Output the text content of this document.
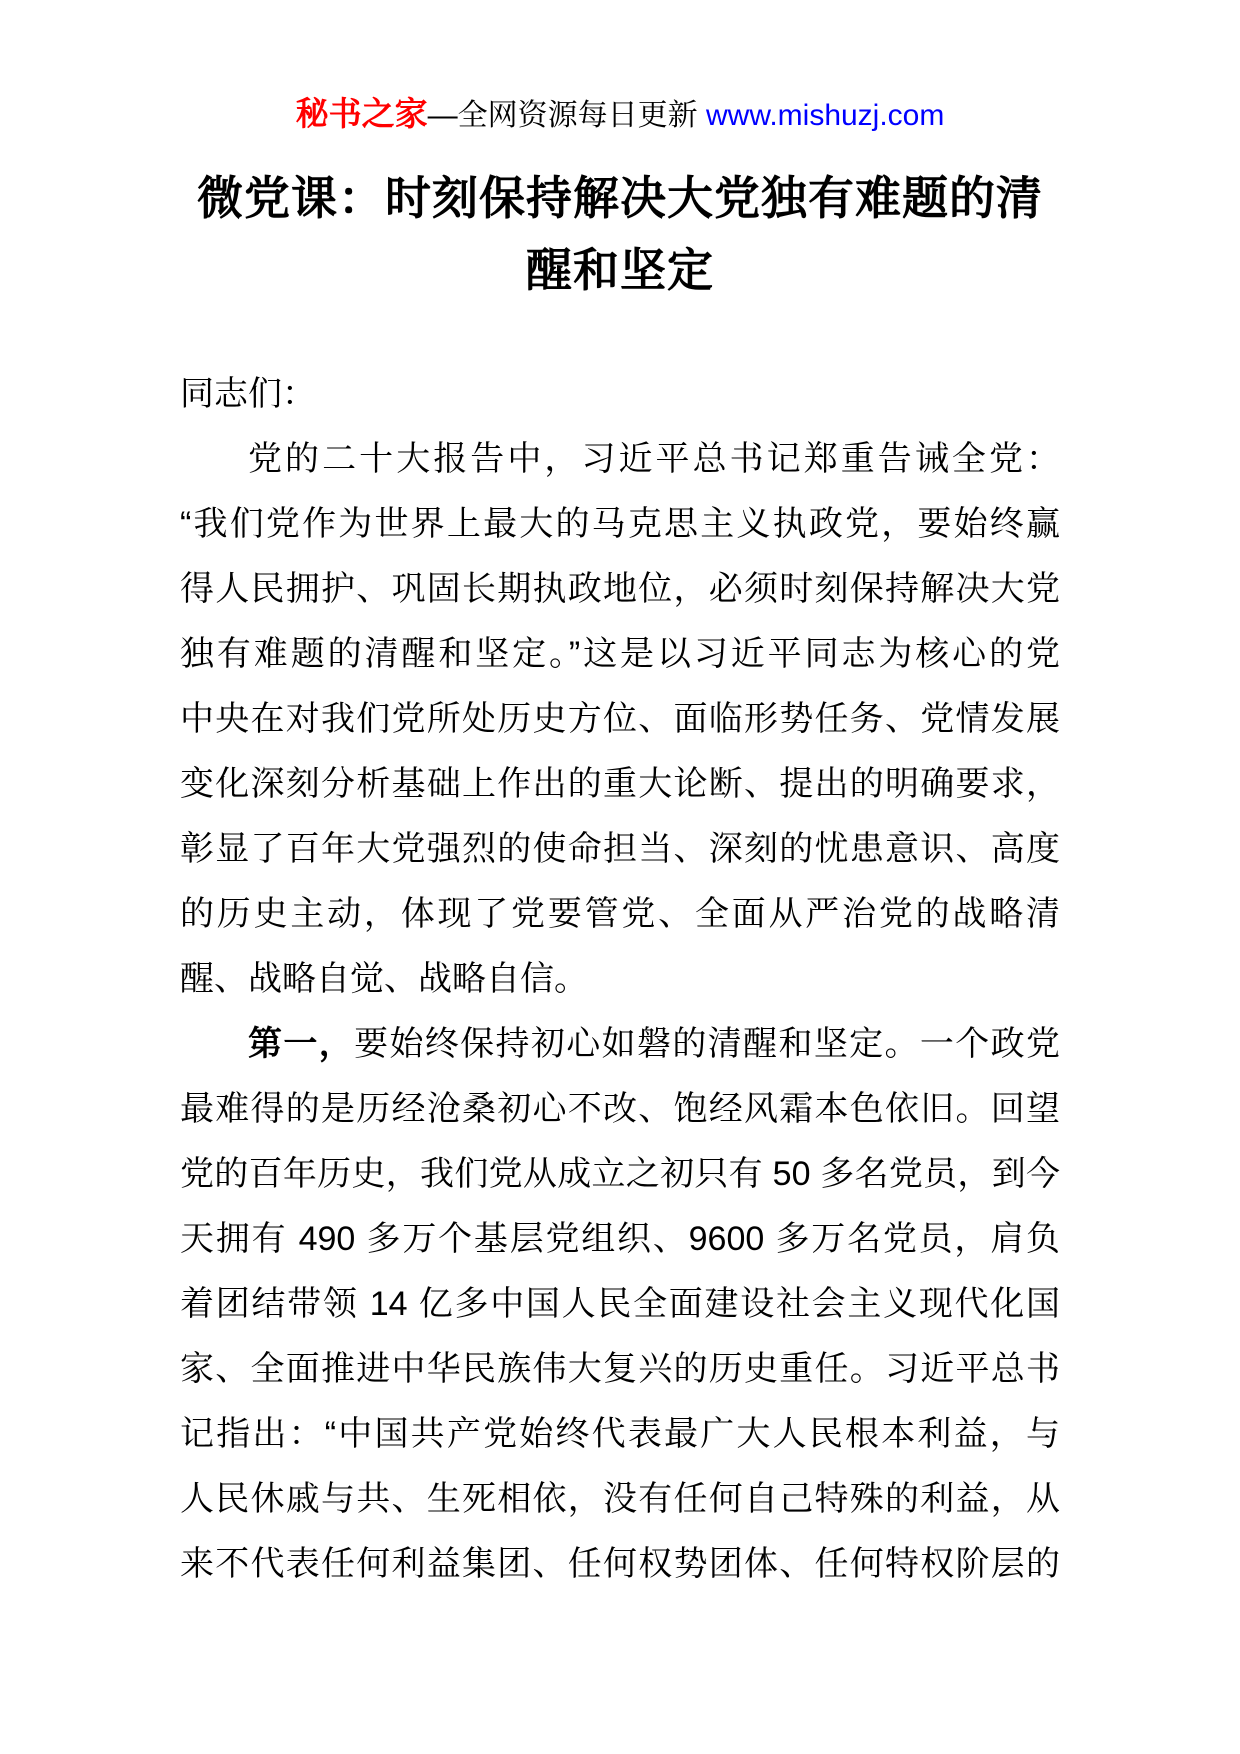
秘书之家—全网资源每日更新 www.mishuzj.com
微党课：时刻保持解决大党独有难题的清
醒和坚定
同志们：
党的二十大报告中，习近平总书记郑重告诫全党：
“我们党作为世界上最大的马克思主义执政党，要始终赢
得人民拥护、巩固长期执政地位，必须时刻保持解决大党
独有难题的清醒和坚定。”这是以习近平同志为核心的党
中央在对我们党所处历史方位、面临形势任务、党情发展
变化深刻分析基础上作出的重大论断、提出的明确要求，
彰显了百年大党强烈的使命担当、深刻的忧患意识、高度
的历史主动，体现了党要管党、全面从严治党的战略清
醒、战略自觉、战略自信。
第一，要始终保持初心如磐的清醒和坚定。一个政党
最难得的是历经沧桑初心不改、饱经风霜本色依旧。回望
党的百年历史，我们党从成立之初只有 50 多名党员，到今
天拥有 490 多万个基层党组织、9600 多万名党员，肩负
着团结带领 14 亿多中国人民全面建设社会主义现代化国
家、全面推进中华民族伟大复兴的历史重任。习近平总书
记指出：“中国共产党始终代表最广大人民根本利益，与
人民休戚与共、生死相依，没有任何自己特殊的利益，从
来不代表任何利益集团、任何权势团体、任何特权阶层的
